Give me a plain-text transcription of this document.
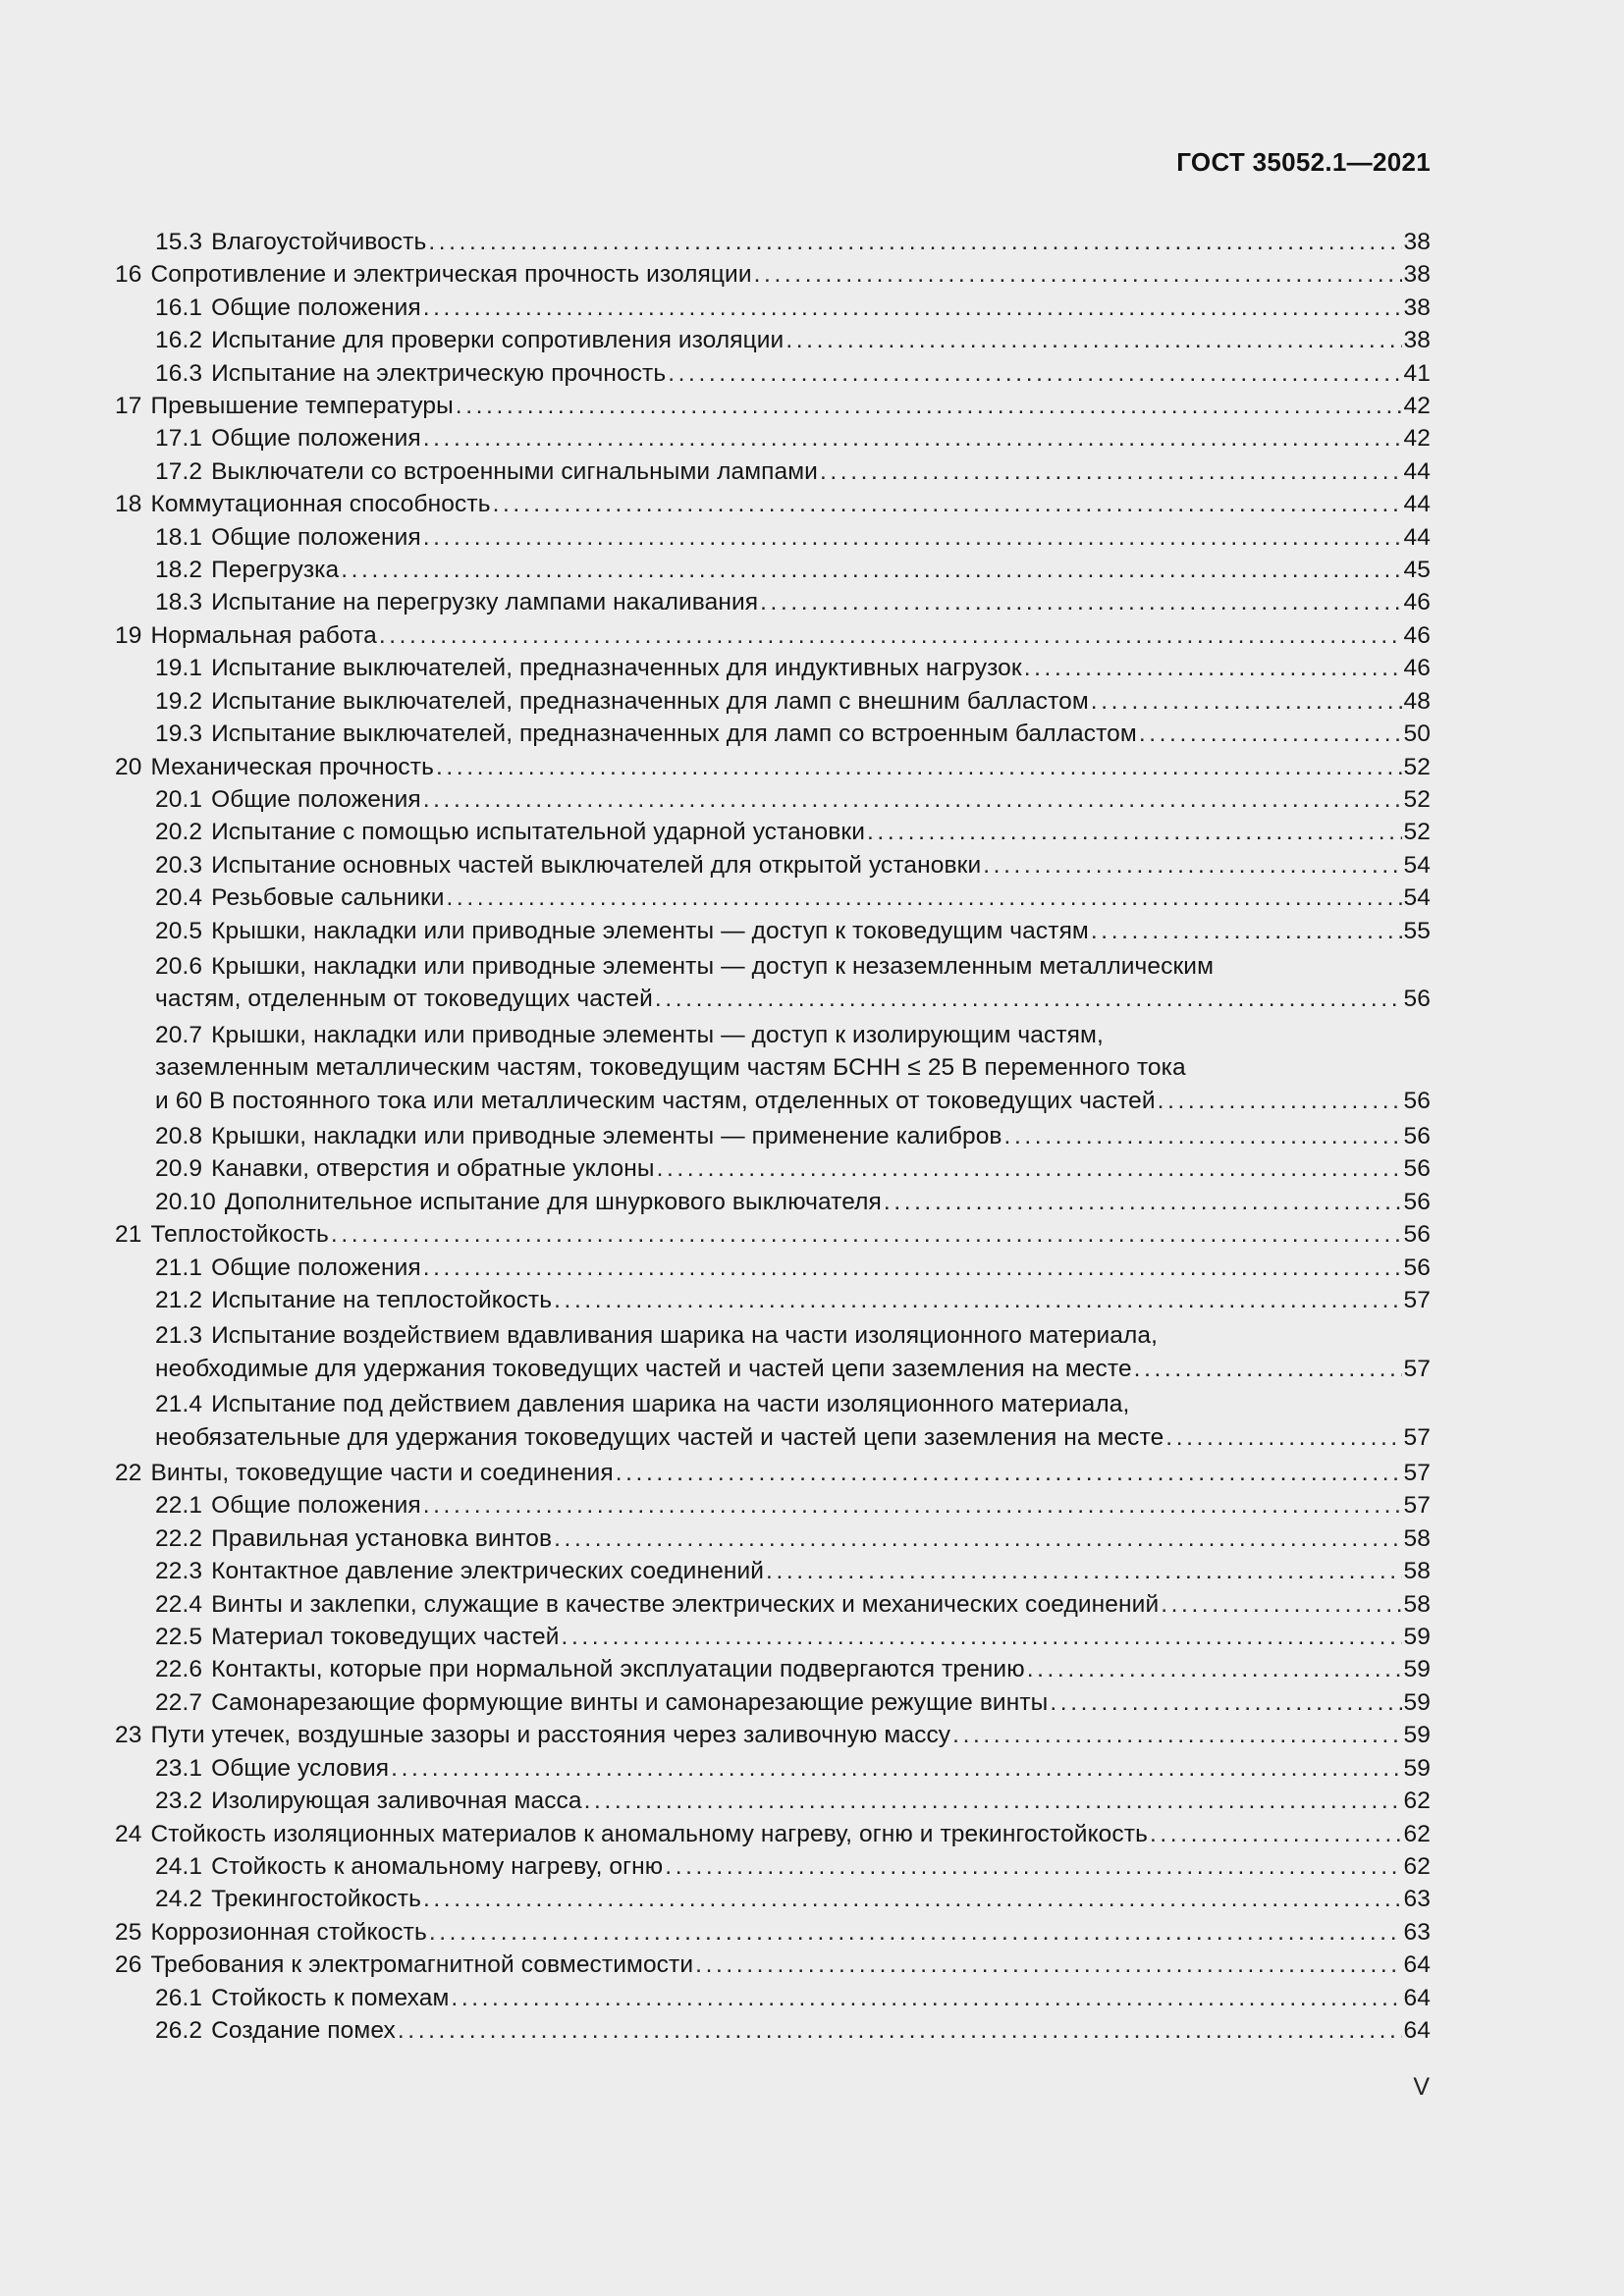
ГОСТ 35052.1—2021
15.3 Влагоустойчивость . . .	38
16 Сопротивление и электрическая прочность изоляции . . .	38
16.1 Общие положения . . .	38
16.2 Испытание для проверки сопротивления изоляции . . .	38
16.3 Испытание на электрическую прочность . . .	41
17 Превышение температуры . . .	42
17.1 Общие положения . . .	42
17.2 Выключатели со встроенными сигнальными лампами . . .	44
18 Коммутационная способность . . .	44
18.1 Общие положения . . .	44
18.2 Перегрузка . . .	45
18.3 Испытание на перегрузку лампами накаливания . . .	46
19 Нормальная работа . . .	46
19.1 Испытание выключателей, предназначенных для индуктивных нагрузок . . .	46
19.2 Испытание выключателей, предназначенных для ламп с внешним балластом . . .	48
19.3 Испытание выключателей, предназначенных для ламп со встроенным балластом . . .	50
20 Механическая прочность . . .	52
20.1 Общие положения . . .	52
20.2 Испытание с помощью испытательной ударной установки . . .	52
20.3 Испытание основных частей выключателей для открытой установки . . .	54
20.4 Резьбовые сальники . . .	54
20.5 Крышки, накладки или приводные элементы — доступ к токоведущим частям . . .	55
20.6 Крышки, накладки или приводные элементы — доступ к незаземленным металлическим
частям, отделенным от токоведущих частей . . .	56
20.7 Крышки, накладки или приводные элементы — доступ к изолирующим частям,
заземленным металлическим частям, токоведущим частям БСНН ≤ 25 В переменного тока
и 60 В постоянного тока или металлическим частям, отделенных от токоведущих частей . . .	56
20.8 Крышки, накладки или приводные элементы — применение калибров . . .	56
20.9 Канавки, отверстия и обратные уклоны . . .	56
20.10 Дополнительное испытание для шнуркового выключателя . . .	56
21 Теплостойкость . . .	56
21.1 Общие положения . . .	56
21.2 Испытание на теплостойкость . . .	57
21.3 Испытание воздействием вдавливания шарика на части изоляционного материала,
необходимые для удержания токоведущих частей и частей цепи заземления на месте . . .	57
21.4 Испытание под действием давления шарика на части изоляционного материала,
необязательные для удержания токоведущих частей и частей цепи заземления на месте . . .	57
22 Винты, токоведущие части и соединения . . .	57
22.1 Общие положения . . .	57
22.2 Правильная установка винтов . . .	58
22.3 Контактное давление электрических соединений . . .	58
22.4 Винты и заклепки, служащие в качестве электрических и механических соединений . . .	58
22.5 Материал токоведущих частей . . .	59
22.6 Контакты, которые при нормальной эксплуатации подвергаются трению . . .	59
22.7 Самонарезающие формующие винты и самонарезающие режущие винты . . .	59
23 Пути утечек, воздушные зазоры и расстояния через заливочную массу . . .	59
23.1 Общие условия . . .	59
23.2 Изолирующая заливочная масса . . .	62
24 Стойкость изоляционных материалов к аномальному нагреву, огню и трекингостойкость . . .	62
24.1 Стойкость к аномальному нагреву, огню . . .	62
24.2 Трекингостойкость . . .	63
25 Коррозионная стойкость . . .	63
26 Требования к электромагнитной совместимости . . .	64
26.1 Стойкость к помехам . . .	64
26.2 Создание помех . . .	64
V
